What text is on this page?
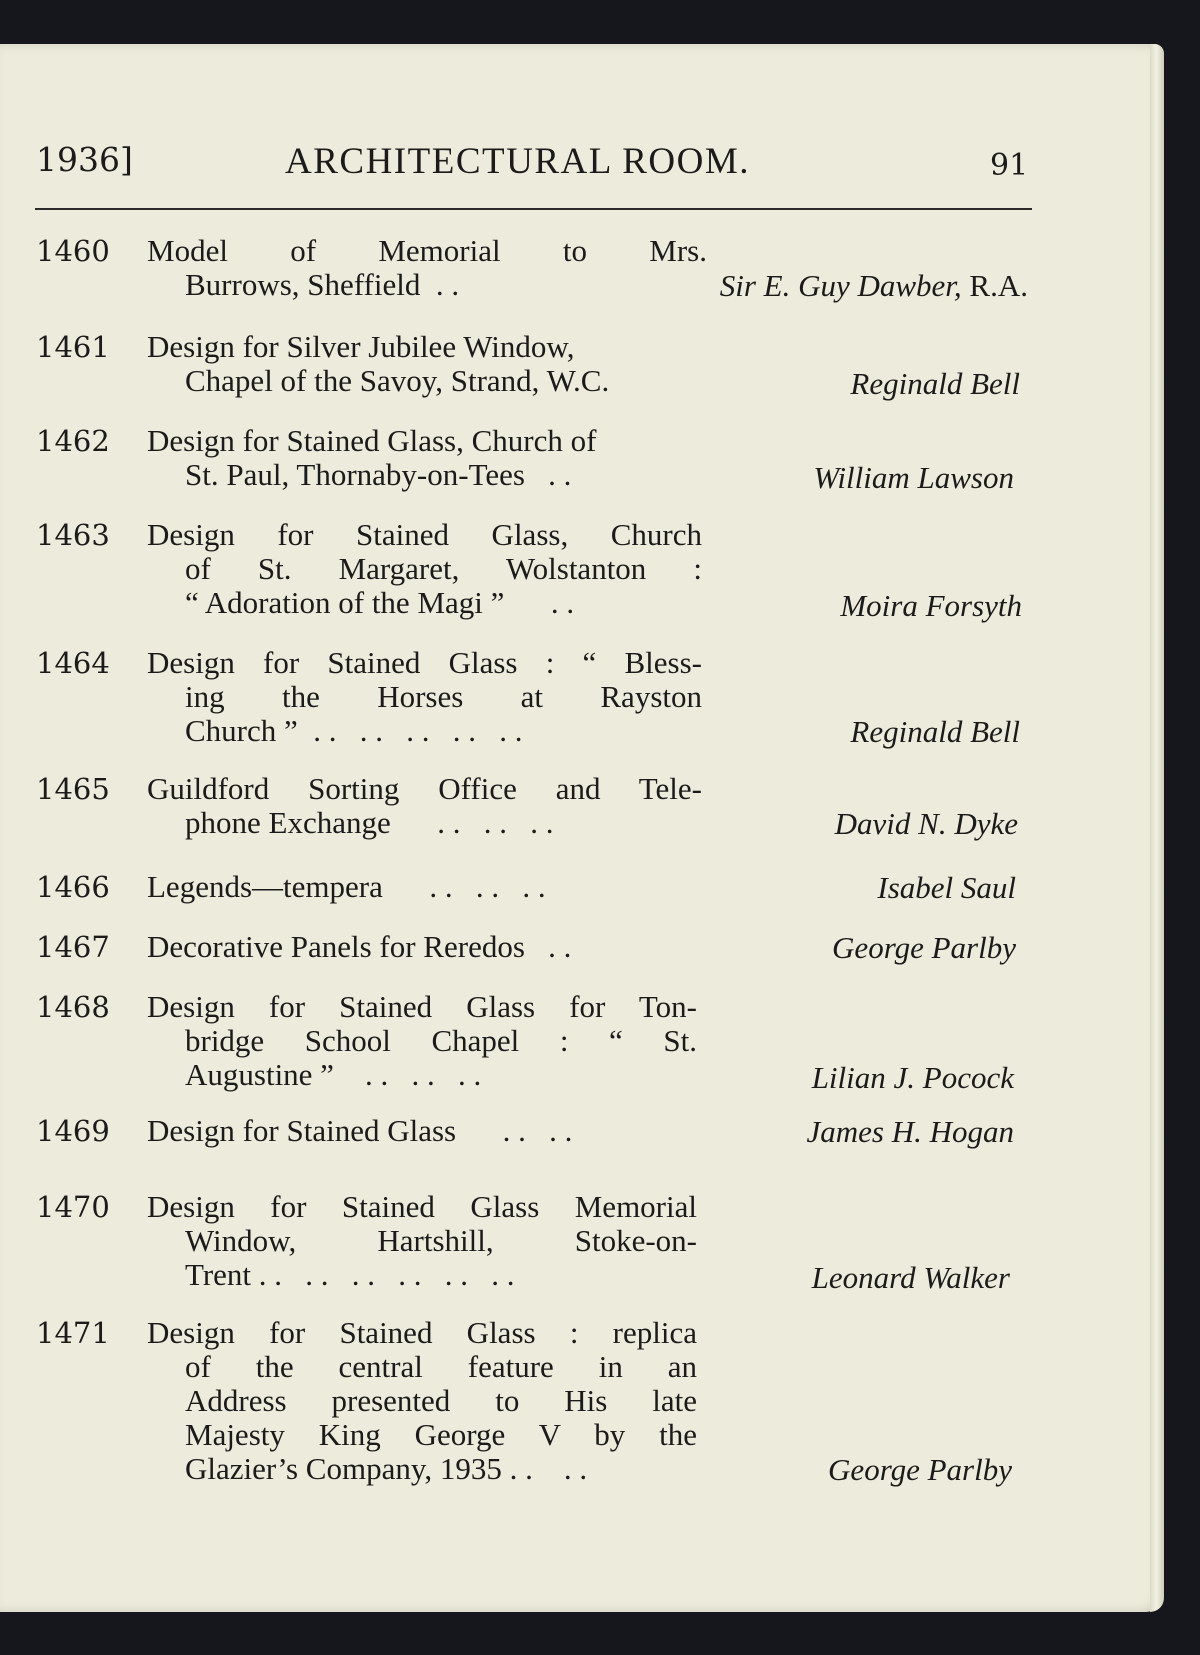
1936]	ARCHITECTURAL ROOM.	91
1460 Model of Memorial to Mrs.
Burrows, Sheffield  . .	Sir E. Guy Dawber, R.A.
1461 Design for Silver Jubilee Window,
Chapel of the Savoy, Strand, W.C.	Reginald Bell
1462 Design for Stained Glass, Church of
St. Paul, Thornaby-on-Tees   . .	William Lawson
1463 Design for Stained Glass, Church
of St. Margaret, Wolstanton :
“ Adoration of the Magi ”      . .	Moira Forsyth
1464 Design for Stained Glass : “ Bless-
ing the Horses at Rayston
Church ”  . .   . .   . .   . .   . .	Reginald Bell
1465 Guildford Sorting Office and Tele-
phone Exchange      . .   . .   . .	David N. Dyke
1466 Legends—tempera      . .   . .   . .	Isabel Saul
1467 Decorative Panels for Reredos   . .	George Parlby
1468 Design for Stained Glass for Ton-
bridge School Chapel : “ St.
Augustine ”    . .   . .   . .	Lilian J. Pocock
1469 Design for Stained Glass      . .   . .	James H. Hogan
1470 Design for Stained Glass Memorial
Window, Hartshill, Stoke-on-
Trent . .   . .   . .   . .   . .   . .	Leonard Walker
1471 Design for Stained Glass : replica
of the central feature in an
Address presented to His late
Majesty King George V by the
Glazier’s Company, 1935 . .    . .	George Parlby
